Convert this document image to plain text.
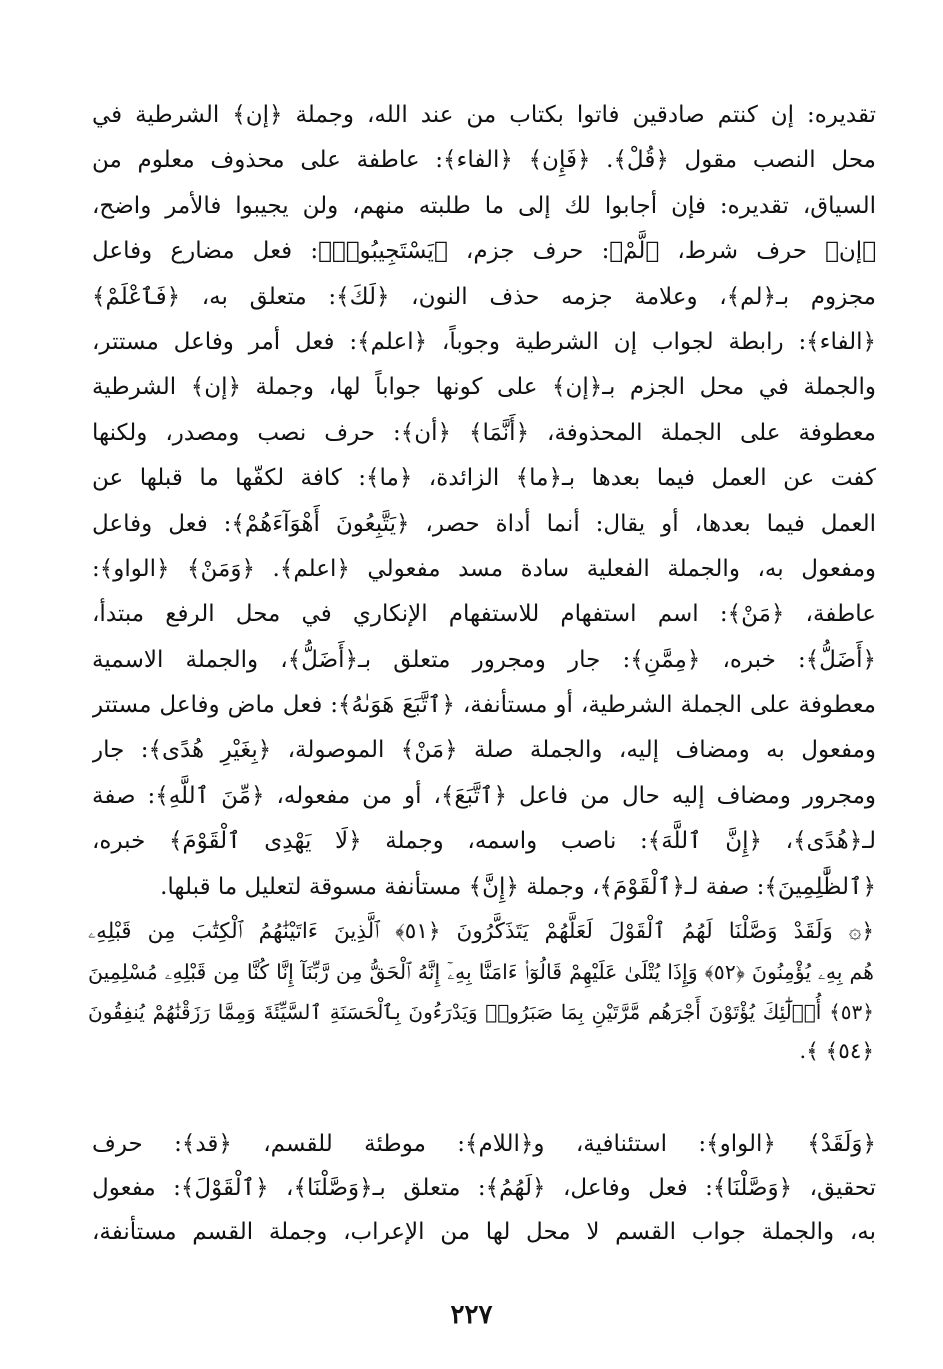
تقديره: إن كنتم صادقين فاتوا بكتاب من عند الله، وجملة ﴿إن﴾ الشرطية في
محل النصب مقول ﴿قُلْ﴾. ﴿فَإِن﴾ ﴿الفاء﴾: عاطفة على محذوف معلوم من
السياق، تقديره: فإن أجابوا لك إلى ما طلبته منهم، ولن يجيبوا فالأمر واضح،
﴿إن﴾ حرف شرط، ﴿لَّمْ﴾: حرف جزم، ﴿يَسْتَجِيبُوا۟﴾: فعل مضارع وفاعل
مجزوم بـ﴿لم﴾، وعلامة جزمه حذف النون، ﴿لَكَ﴾: متعلق به، ﴿فَٱعْلَمْ﴾
﴿الفاء﴾: رابطة لجواب إن الشرطية وجوباً، ﴿اعلم﴾: فعل أمر وفاعل مستتر،
والجملة في محل الجزم بـ﴿إن﴾ على كونها جواباً لها، وجملة ﴿إن﴾ الشرطية
معطوفة على الجملة المحذوفة، ﴿أَنَّمَا﴾ ﴿أن﴾: حرف نصب ومصدر، ولكنها
كفت عن العمل فيما بعدها بـ﴿ما﴾ الزائدة، ﴿ما﴾: كافة لكفّها ما قبلها عن
العمل فيما بعدها، أو يقال: أنما أداة حصر، ﴿يَتَّبِعُونَ أَهْوَآءَهُمْ﴾: فعل وفاعل
ومفعول به، والجملة الفعلية سادة مسد مفعولي ﴿اعلم﴾. ﴿وَمَنْ﴾ ﴿الواو﴾:
عاطفة، ﴿مَنْ﴾: اسم استفهام للاستفهام الإنكاري في محل الرفع مبتدأ،
﴿أَضَلُّ﴾: خبره، ﴿مِمَّنِ﴾: جار ومجرور متعلق بـ﴿أَضَلُّ﴾، والجملة الاسمية
معطوفة على الجملة الشرطية، أو مستأنفة، ﴿ٱتَّبَعَ هَوَىٰهُ﴾: فعل ماض وفاعل مستتر
ومفعول به ومضاف إليه، والجملة صلة ﴿مَنْ﴾ الموصولة، ﴿بِغَيْرِ هُدًى﴾: جار
ومجرور ومضاف إليه حال من فاعل ﴿ٱتَّبَعَ﴾، أو من مفعوله، ﴿مِّنَ ٱللَّهِ﴾: صفة
لـ﴿هُدًى﴾، ﴿إِنَّ ٱللَّهَ﴾: ناصب واسمه، وجملة ﴿لَا يَهْدِى ٱلْقَوْمَ﴾ خبره،
﴿ٱلظَّٰلِمِينَ﴾: صفة لـ﴿ٱلْقَوْمَ﴾، وجملة ﴿إِنَّ﴾ مستأنفة مسوقة لتعليل ما قبلها.
﴿۞ وَلَقَدْ وَصَّلْنَا لَهُمُ ٱلْقَوْلَ لَعَلَّهُمْ يَتَذَكَّرُونَ ﴿٥١﴾ ٱلَّذِينَ ءَاتَيْنَٰهُمُ ٱلْكِتَٰبَ مِن قَبْلِهِۦ
هُم بِهِۦ يُؤْمِنُونَ ﴿٥٢﴾ وَإِذَا يُتْلَىٰ عَلَيْهِمْ قَالُوٓا۟ ءَامَنَّا بِهِۦٓ إِنَّهُ ٱلْحَقُّ مِن رَّبِّنَآ إِنَّا كُنَّا مِن قَبْلِهِۦ مُسْلِمِينَ
﴿٥٣﴾ أُو۟لَٰٓئِكَ يُؤْتَوْنَ أَجْرَهُم مَّرَّتَيْنِ بِمَا صَبَرُوا۟ وَيَدْرَءُونَ بِٱلْحَسَنَةِ ٱلسَّيِّئَةَ وَمِمَّا رَزَقْنَٰهُمْ يُنفِقُونَ
﴿٥٤﴾ ﴾.
﴿وَلَقَدْ﴾ ﴿الواو﴾: استئنافية، و﴿اللام﴾: موطئة للقسم، ﴿قد﴾: حرف
تحقيق، ﴿وَصَّلْنَا﴾: فعل وفاعل، ﴿لَهُمُ﴾: متعلق بـ﴿وَصَّلْنَا﴾، ﴿ٱلْقَوْلَ﴾: مفعول
به، والجملة جواب القسم لا محل لها من الإعراب، وجملة القسم مستأنفة،
٢٢٧
